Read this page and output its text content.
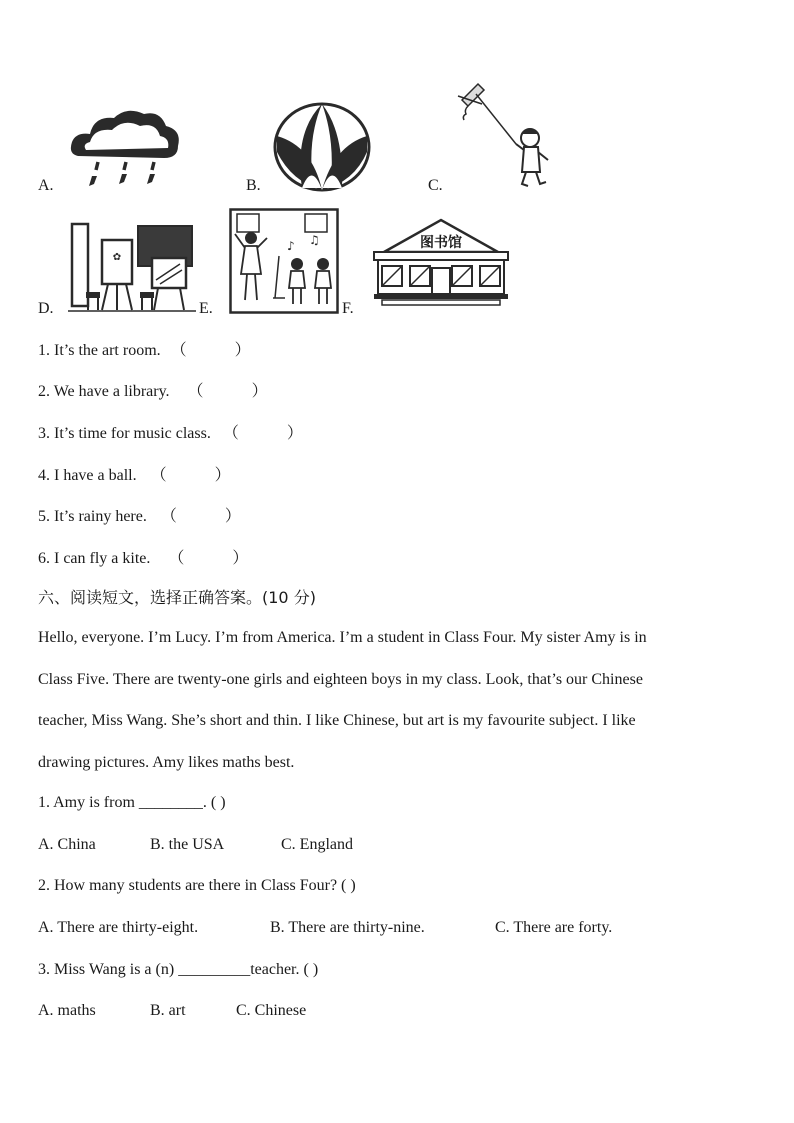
A.	B.	C.
D.
✿
E.
♪ ♫
F.
图书馆
1. It’s the art room. （	）
2. We have a library. （	）
3. It’s time for music class. （	）
4. I have a ball. （	）
5. It’s rainy here. （	）
6. I can fly a kite. （	）
六、阅读短文，选择正确答案。(10 分)
Hello, everyone. I’m Lucy. I’m from America. I’m a student in Class Four. My sister Amy is in
Class Five. There are twenty-one girls and eighteen boys in my class. Look, that’s our Chinese
teacher, Miss Wang. She’s short and thin. I like Chinese, but art is my favourite subject. I like
drawing pictures. Amy likes maths best.
1. Amy is from ________. ( )
A. China	B. the USA	C. England
2. How many students are there in Class Four? ( )
A. There are thirty-eight.	B. There are thirty-nine.	C. There are forty.
3. Miss Wang is a (n) _________teacher. ( )
A. maths	B. art	C. Chinese
